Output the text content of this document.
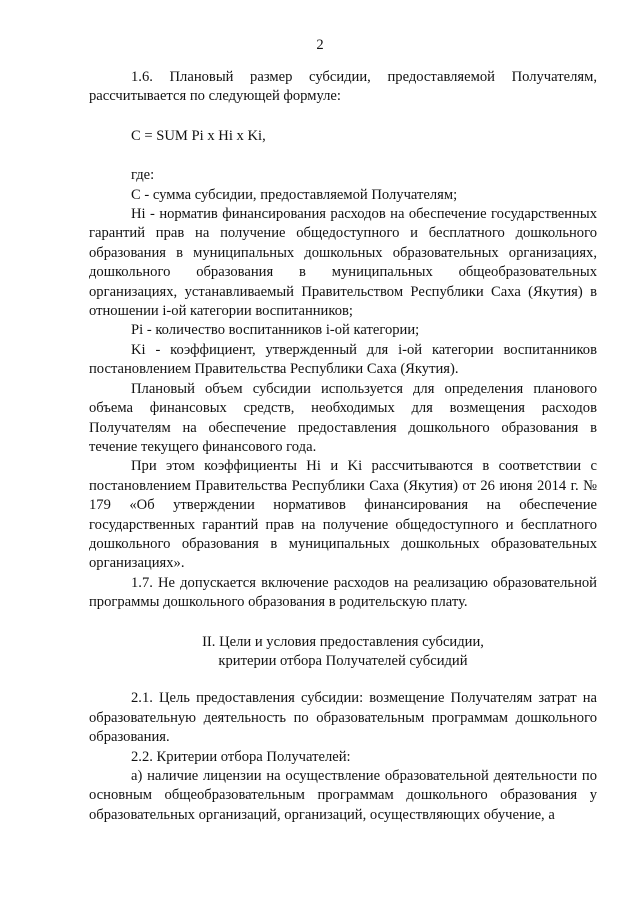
2

1.6. Плановый размер субсидии, предоставляемой Получателям, рассчитывается по следующей формуле:

C = SUM Pi x Hi x Ki,

где:

C - сумма субсидии, предоставляемой Получателям;

Hi - норматив финансирования расходов на обеспечение государственных гарантий прав на получение общедоступного и бесплатного дошкольного образования в муниципальных дошкольных образовательных организациях, дошкольного образования в муниципальных общеобразовательных организациях, устанавливаемый Правительством Республики Саха (Якутия) в отношении i-ой категории воспитанников;

Pi - количество воспитанников i-ой категории;

Ki - коэффициент, утвержденный для i-ой категории воспитанников постановлением Правительства Республики Саха (Якутия).

Плановый объем субсидии используется для определения планового объема финансовых средств, необходимых для возмещения расходов Получателям на обеспечение предоставления дошкольного образования в течение текущего финансового года.

При этом коэффициенты Hi и Ki рассчитываются в соответствии с постановлением Правительства Республики Саха (Якутия) от 26 июня 2014 г. № 179 «Об утверждении нормативов финансирования на обеспечение государственных гарантий прав на получение общедоступного и бесплатного дошкольного образования в муниципальных дошкольных образовательных организациях».

1.7. Не допускается включение расходов на реализацию образовательной программы дошкольного образования в родительскую плату.

II. Цели и условия предоставления субсидии,
критерии отбора Получателей субсидий

2.1. Цель предоставления субсидии: возмещение Получателям затрат на образовательную деятельность по образовательным программам дошкольного образования.

2.2. Критерии отбора Получателей:

а) наличие лицензии на осуществление образовательной деятельности по основным общеобразовательным программам дошкольного образования у образовательных организаций, организаций, осуществляющих обучение, а
